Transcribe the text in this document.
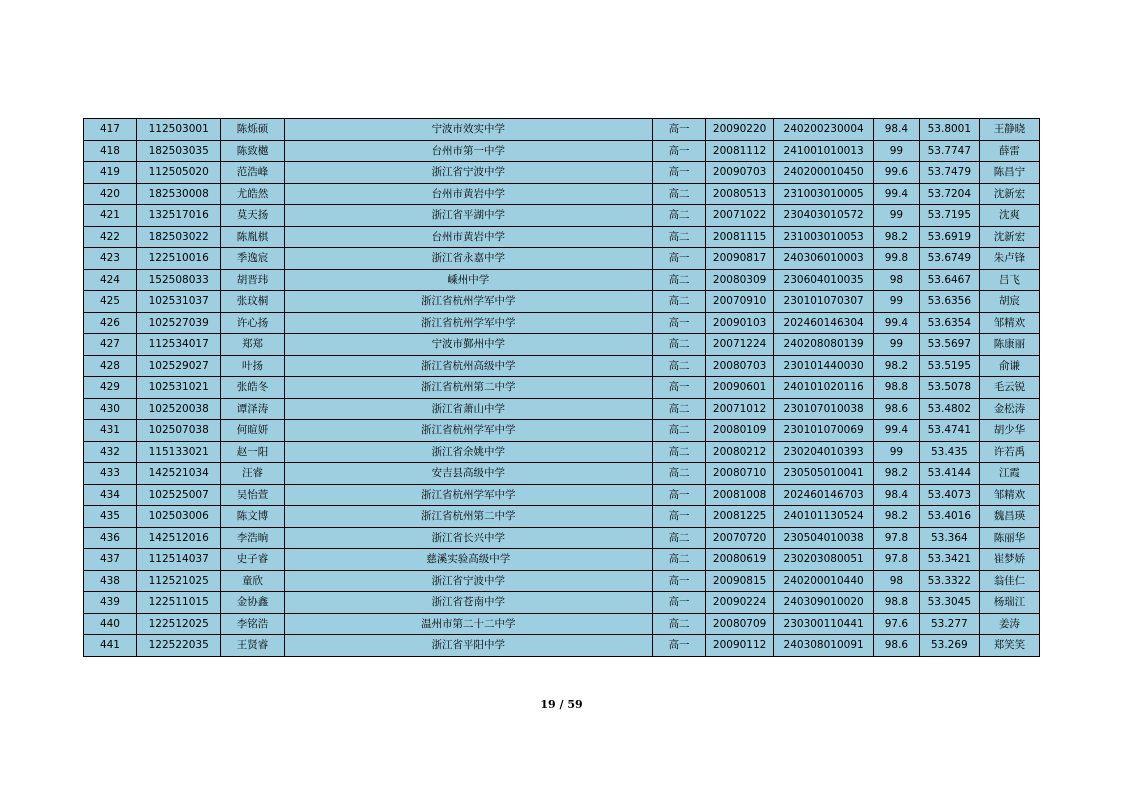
417	112503001	陈烁硕	宁波市效实中学	高一	20090220	240200230004	98.4	53.8001	王静晓
418	182503035	陈致樾	台州市第一中学	高一	20081112	241001010013	99	53.7747	薛雷
419	112505020	范浩峰	浙江省宁波中学	高一	20090703	240200010450	99.6	53.7479	陈昌宁
420	182530008	尤皓然	台州市黄岩中学	高二	20080513	231003010005	99.4	53.7204	沈新宏
421	132517016	莫天扬	浙江省平湖中学	高二	20071022	230403010572	99	53.7195	沈爽
422	182503022	陈胤棋	台州市黄岩中学	高二	20081115	231003010053	98.2	53.6919	沈新宏
423	122510016	季逸宸	浙江省永嘉中学	高一	20090817	240306010003	99.8	53.6749	朱卢锋
424	152508033	胡晋玮	嵊州中学	高二	20080309	230604010035	98	53.6467	吕飞
425	102531037	张玟桐	浙江省杭州学军中学	高二	20070910	230101070307	99	53.6356	胡宸
426	102527039	许心扬	浙江省杭州学军中学	高一	20090103	202460146304	99.4	53.6354	邹精欢
427	112534017	郑郑	宁波市鄞州中学	高二	20071224	240208080139	99	53.5697	陈康丽
428	102529027	叶扬	浙江省杭州高级中学	高二	20080703	230101440030	98.2	53.5195	俞谦
429	102531021	张皓冬	浙江省杭州第二中学	高一	20090601	240101020116	98.8	53.5078	毛云锐
430	102520038	谭泽涛	浙江省萧山中学	高二	20071012	230107010038	98.6	53.4802	金松涛
431	102507038	何暄妍	浙江省杭州学军中学	高二	20080109	230101070069	99.4	53.4741	胡少华
432	115133021	赵一阳	浙江省余姚中学	高二	20080212	230204010393	99	53.435	许若禹
433	142521034	汪睿	安吉县高级中学	高二	20080710	230505010041	98.2	53.4144	江霞
434	102525007	吴怡萱	浙江省杭州学军中学	高一	20081008	202460146703	98.4	53.4073	邹精欢
435	102503006	陈文博	浙江省杭州第二中学	高一	20081225	240101130524	98.2	53.4016	魏昌瑛
436	142512016	李浩晌	浙江省长兴中学	高二	20070720	230504010038	97.8	53.364	陈丽华
437	112514037	史子睿	慈溪实验高级中学	高二	20080619	230203080051	97.8	53.3421	崔梦娇
438	112521025	童欣	浙江省宁波中学	高一	20090815	240200010440	98	53.3322	翁佳仁
439	122511015	金协鑫	浙江省苍南中学	高一	20090224	240309010020	98.8	53.3045	杨瑞江
440	122512025	李铭浩	温州市第二十二中学	高二	20080709	230300110441	97.6	53.277	姜涛
441	122522035	王贤睿	浙江省平阳中学	高一	20090112	240308010091	98.6	53.269	郑笑笑
19 / 59
